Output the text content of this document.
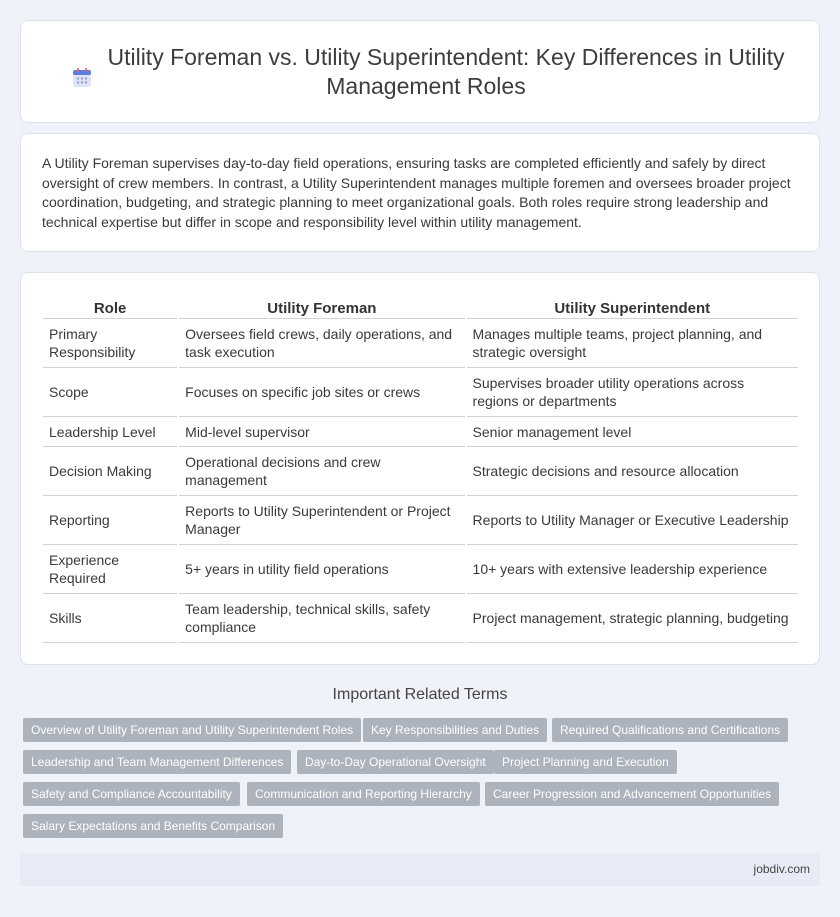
Utility Foreman vs. Utility Superintendent: Key Differences in Utility Management Roles

A Utility Foreman supervises day-to-day field operations, ensuring tasks are completed efficiently and safely by direct oversight of crew members. In contrast, a Utility Superintendent manages multiple foremen and oversees broader project coordination, budgeting, and strategic planning to meet organizational goals. Both roles require strong leadership and technical expertise but differ in scope and responsibility level within utility management.

Role		Utility Foreman		Utility Superintendent
Primary Responsibility		Oversees field crews, daily operations, and task execution		Manages multiple teams, project planning, and strategic oversight
Scope		Focuses on specific job sites or crews		Supervises broader utility operations across regions or departments
Leadership Level		Mid-level supervisor		Senior management level
Decision Making		Operational decisions and crew management		Strategic decisions and resource allocation
Reporting		Reports to Utility Superintendent or Project Manager		Reports to Utility Manager or Executive Leadership
Experience Required		5+ years in utility field operations		10+ years with extensive leadership experience
Skills		Team leadership, technical skills, safety compliance		Project management, strategic planning, budgeting
Important Related Terms
Overview of Utility Foreman and Utility Superintendent Roles	Key Responsibilities and Duties	Required Qualifications and Certifications
Leadership and Team Management Differences	Day-to-Day Operational Oversight	Project Planning and Execution
Safety and Compliance Accountability	Communication and Reporting Hierarchy	Career Progression and Advancement Opportunities
Salary Expectations and Benefits Comparison
jobdiv.com
